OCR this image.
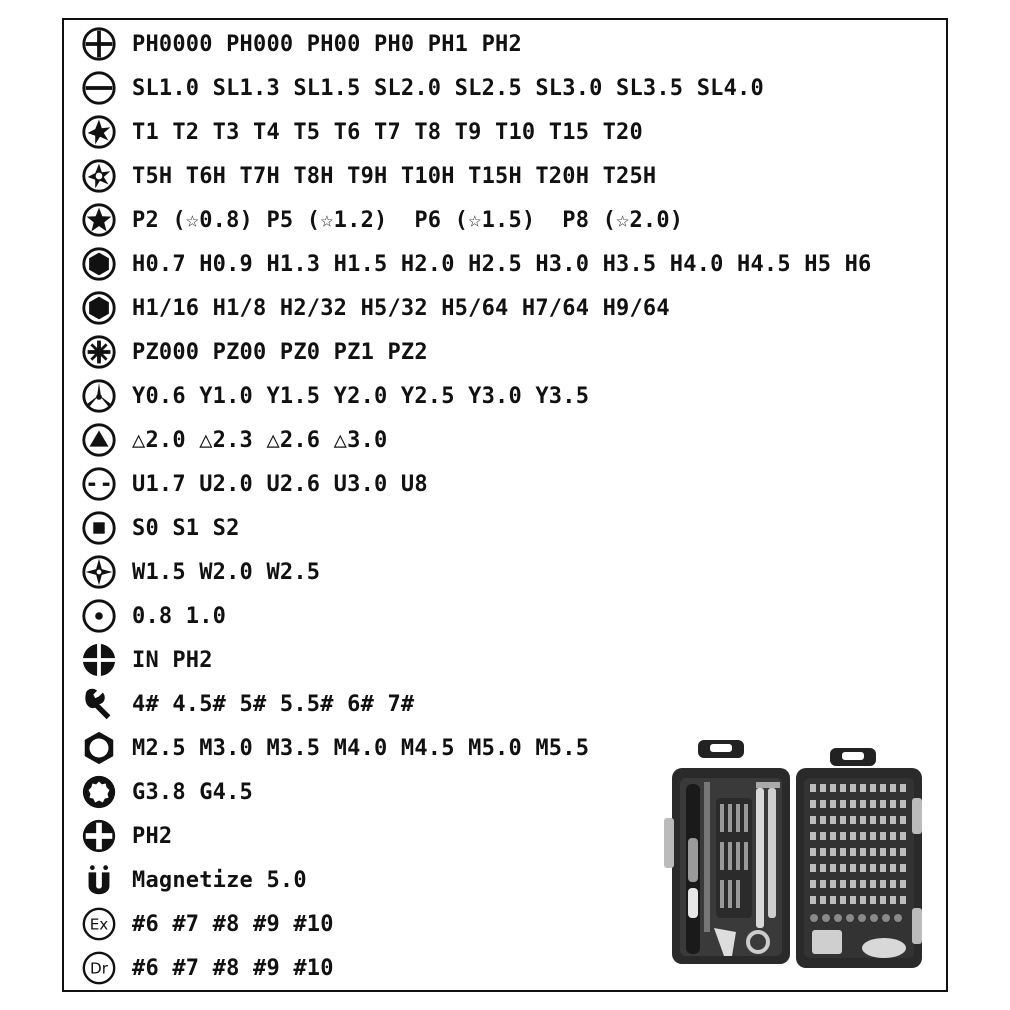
PH0000 PH000 PH00 PH0 PH1 PH2
SL1.0 SL1.3 SL1.5 SL2.0 SL2.5 SL3.0 SL3.5 SL4.0
T1 T2 T3 T4 T5 T6 T7 T8 T9 T10 T15 T20
T5H T6H T7H T8H T9H T10H T15H T20H T25H
P2 (☆0.8) P5 (☆1.2)  P6 (☆1.5)  P8 (☆2.0)
H0.7 H0.9 H1.3 H1.5 H2.0 H2.5 H3.0 H3.5 H4.0 H4.5 H5 H6
H1/16 H1/8 H2/32 H5/32 H5/64 H7/64 H9/64
PZ000 PZ00 PZ0 PZ1 PZ2
Y0.6 Y1.0 Y1.5 Y2.0 Y2.5 Y3.0 Y3.5
△2.0 △2.3 △2.6 △3.0
U1.7 U2.0 U2.6 U3.0 U8
S0 S1 S2
W1.5 W2.0 W2.5
0.8 1.0
IN PH2
4# 4.5# 5# 5.5# 6# 7#
M2.5 M3.0 M3.5 M4.0 M4.5 M5.0 M5.5
G3.8 G4.5
PH2
Magnetize 5.0
Ex #6 #7 #8 #9 #10
Dr #6 #7 #8 #9 #10
